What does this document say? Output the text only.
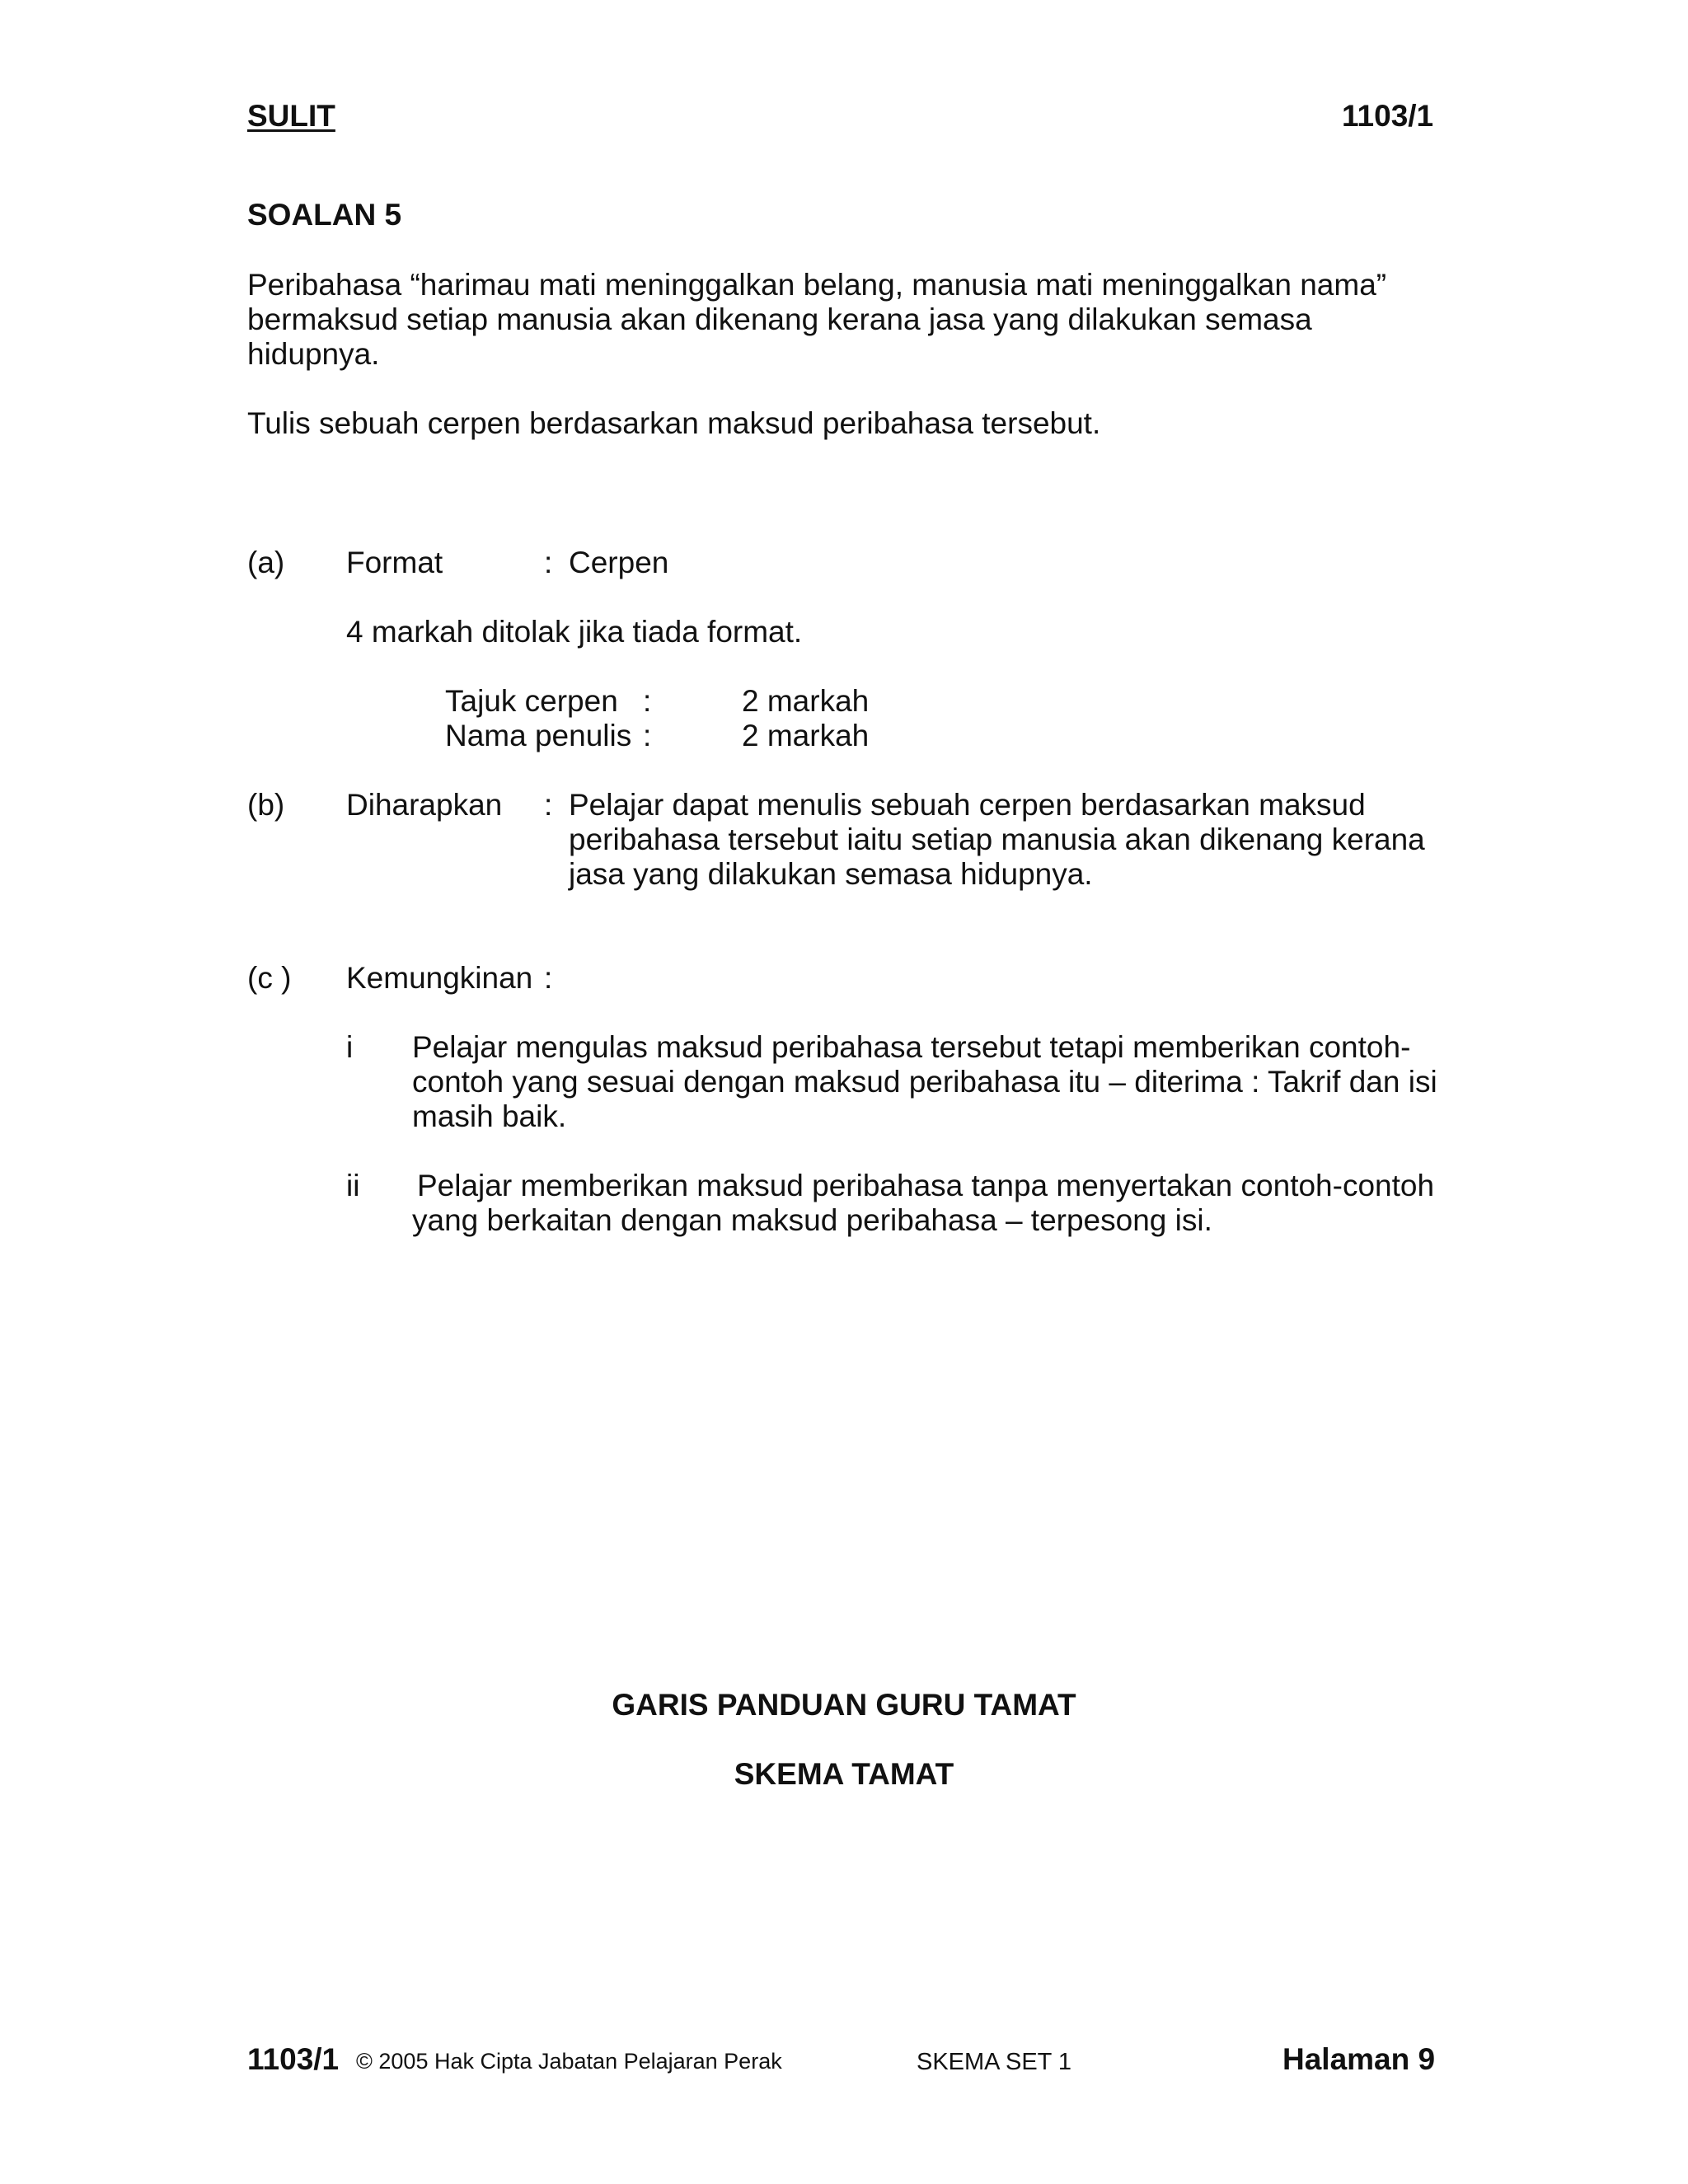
SULIT	1103/1
SOALAN 5
Peribahasa “harimau mati meninggalkan belang, manusia mati meninggalkan nama”
bermaksud setiap manusia akan dikenang kerana jasa yang dilakukan semasa
hidupnya.
Tulis sebuah cerpen berdasarkan maksud peribahasa tersebut.
(a) Format	: Cerpen
4 markah ditolak jika tiada format.
Tajuk cerpen :	2 markah
Nama penulis :	2 markah
(b) Diharapkan : Pelajar dapat menulis sebuah cerpen berdasarkan maksud
peribahasa tersebut iaitu setiap manusia akan dikenang kerana
jasa yang dilakukan semasa hidupnya.
(c ) Kemungkinan :
i Pelajar mengulas maksud peribahasa tersebut tetapi memberikan contoh-
contoh yang sesuai dengan maksud peribahasa itu – diterima : Takrif dan isi
masih baik.
ii Pelajar memberikan maksud peribahasa tanpa menyertakan contoh-contoh
yang berkaitan dengan maksud peribahasa – terpesong isi.
GARIS PANDUAN GURU TAMAT
SKEMA TAMAT
1103/1 © 2005 Hak Cipta Jabatan Pelajaran Perak	SKEMA SET 1	Halaman 9
